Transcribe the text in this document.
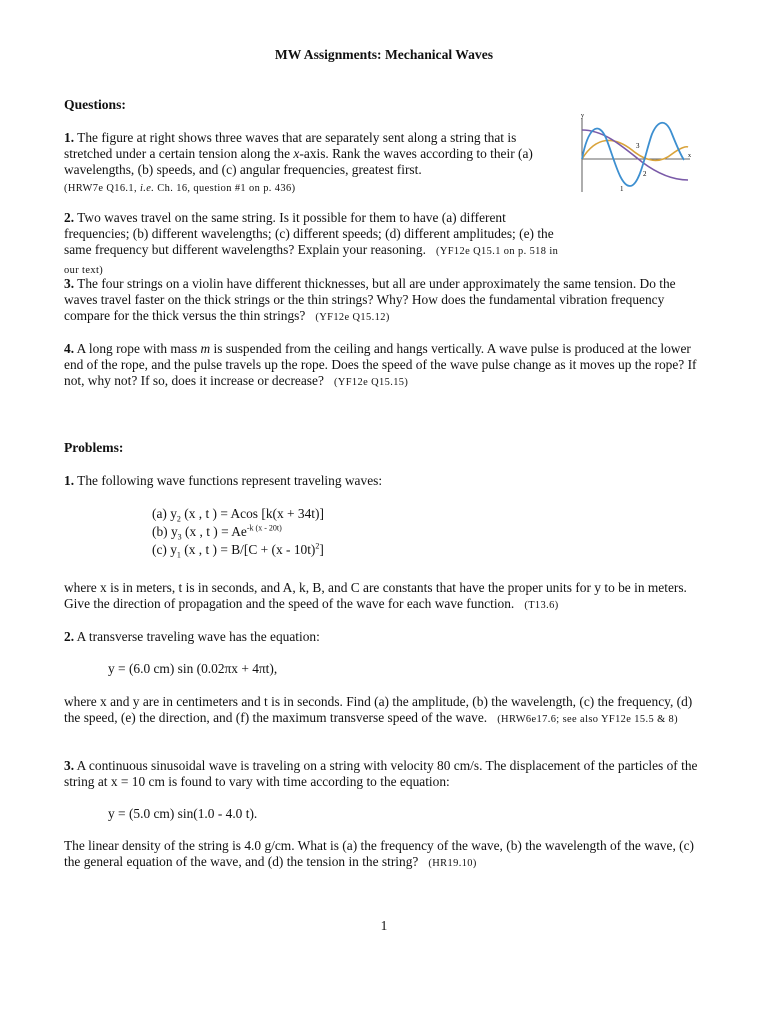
MW Assignments: Mechanical Waves
Questions:
1. The figure at right shows three waves that are separately sent along a string that is stretched under a certain tension along the x-axis. Rank the waves according to their (a) wavelengths, (b) speeds, and (c) angular frequencies, greatest first.
(HRW7e Q16.1, i.e. Ch. 16, question #1 on p. 436)
y
x
3
2
1
2. Two waves travel on the same string. Is it possible for them to have (a) different frequencies; (b) different wavelengths; (c) different speeds; (d) different amplitudes; (e) the same frequency but different wavelengths? Explain your reasoning. (YF12e Q15.1 on p. 518 in our text)
3. The four strings on a violin have different thicknesses, but all are under approximately the same tension. Do the waves travel faster on the thick strings or the thin strings? Why? How does the fundamental vibration frequency compare for the thick versus the thin strings? (YF12e Q15.12)
4. A long rope with mass m is suspended from the ceiling and hangs vertically. A wave pulse is produced at the lower end of the rope, and the pulse travels up the rope. Does the speed of the wave pulse change as it moves up the rope? If not, why not? If so, does it increase or decrease? (YF12e Q15.15)
Problems:
1. The following wave functions represent traveling waves:
(a) $y_2$ (x , t ) = Acos [k(x + 34t)]
(b) $y_3$ (x , t ) = $Ae^{-k (x - 20t)}$
(c) $y_1$ (x , t ) = B/[C + (x - 10t)$^2$]
where x is in meters, t is in seconds, and A, k, B, and C are constants that have the proper units for y to be in meters. Give the direction of propagation and the speed of the wave for each wave function. (T13.6)
2. A transverse traveling wave has the equation:
y = (6.0 cm) sin (0.02πx + 4πt),
where x and y are in centimeters and t is in seconds. Find (a) the amplitude, (b) the wavelength, (c) the frequency, (d) the speed, (e) the direction, and (f) the maximum transverse speed of the wave. (HRW6e17.6; see also YF12e 15.5 & 8)
3. A continuous sinusoidal wave is traveling on a string with velocity 80 cm/s. The displacement of the particles of the string at x = 10 cm is found to vary with time according to the equation:
y = (5.0 cm) sin(1.0 - 4.0 t).
The linear density of the string is 4.0 g/cm. What is (a) the frequency of the wave, (b) the wavelength of the wave, (c) the general equation of the wave, and (d) the tension in the string? (HR19.10)
1
